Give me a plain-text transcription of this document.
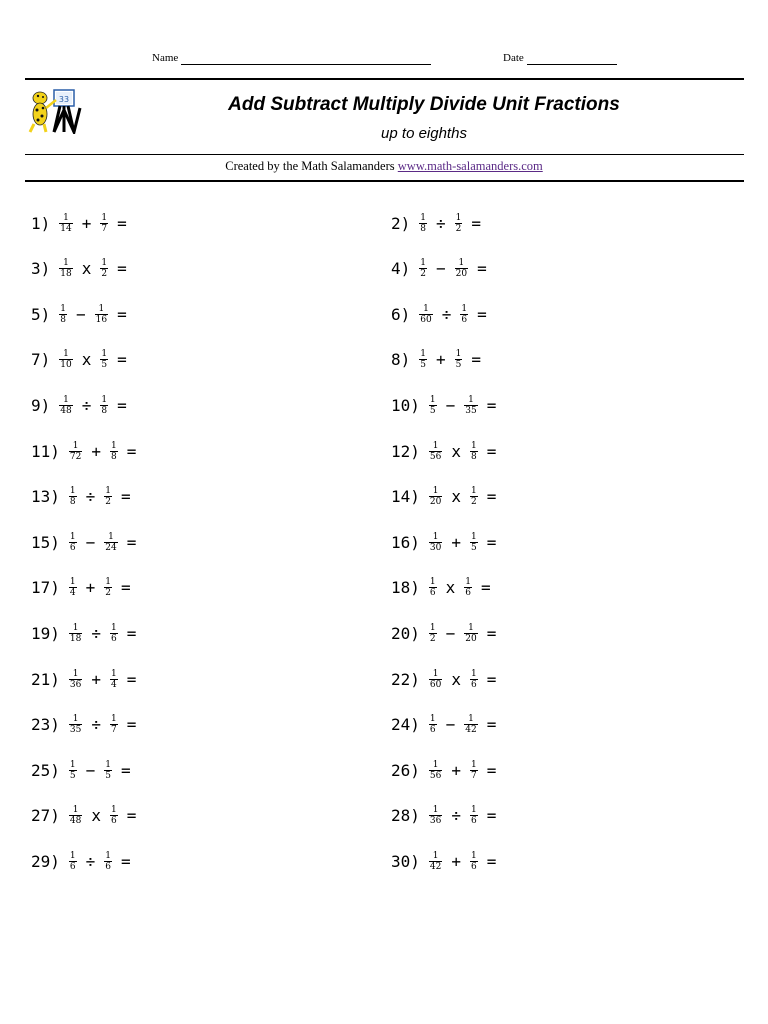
Name	Date
33	Add Subtract Multiply Divide Unit Fractions
up to eighths
Created by the Math Salamanders www.math-salamanders.com
$1) \frac{1}{14} + \frac{1}{7}$ =	$2) \frac{1}{8} \div \frac{1}{2}$ =
$3) \frac{1}{18}$ x $\frac{1}{2}$ =	$4) \frac{1}{2} - \frac{1}{20}$ =
$5) \frac{1}{8} - \frac{1}{16}$ =	$6) \frac{1}{60} \div \frac{1}{6}$ =
$7) \frac{1}{10}$ x $\frac{1}{5}$ =	$8) \frac{1}{5} + \frac{1}{5}$ =
$9) \frac{1}{48} \div \frac{1}{8}$ =	$10) \frac{1}{5} - \frac{1}{35}$ =
$11) \frac{1}{72} + \frac{1}{8}$ =	$12) \frac{1}{56}$ x $\frac{1}{8}$ =
$13) \frac{1}{8} \div \frac{1}{2}$ =	$14) \frac{1}{20}$ x $\frac{1}{2}$ =
$15) \frac{1}{6} - \frac{1}{24}$ =	$16) \frac{1}{30} + \frac{1}{5}$ =
$17) \frac{1}{4} + \frac{1}{2}$ =	$18) \frac{1}{6}$ x $\frac{1}{6}$ =
$19) \frac{1}{18} \div \frac{1}{6}$ =	$20) \frac{1}{2} - \frac{1}{20}$ =
$21) \frac{1}{36} + \frac{1}{4}$ =	$22) \frac{1}{60}$ x $\frac{1}{6}$ =
$23) \frac{1}{35} \div \frac{1}{7}$ =	$24) \frac{1}{6} - \frac{1}{42}$ =
$25) \frac{1}{5} - \frac{1}{5}$ =	$26) \frac{1}{56} + \frac{1}{7}$ =
$27) \frac{1}{48}$ x $\frac{1}{6}$ =	$28) \frac{1}{36} \div \frac{1}{6}$ =
$29) \frac{1}{6} \div \frac{1}{6}$ =	$30) \frac{1}{42} + \frac{1}{6}$ =
